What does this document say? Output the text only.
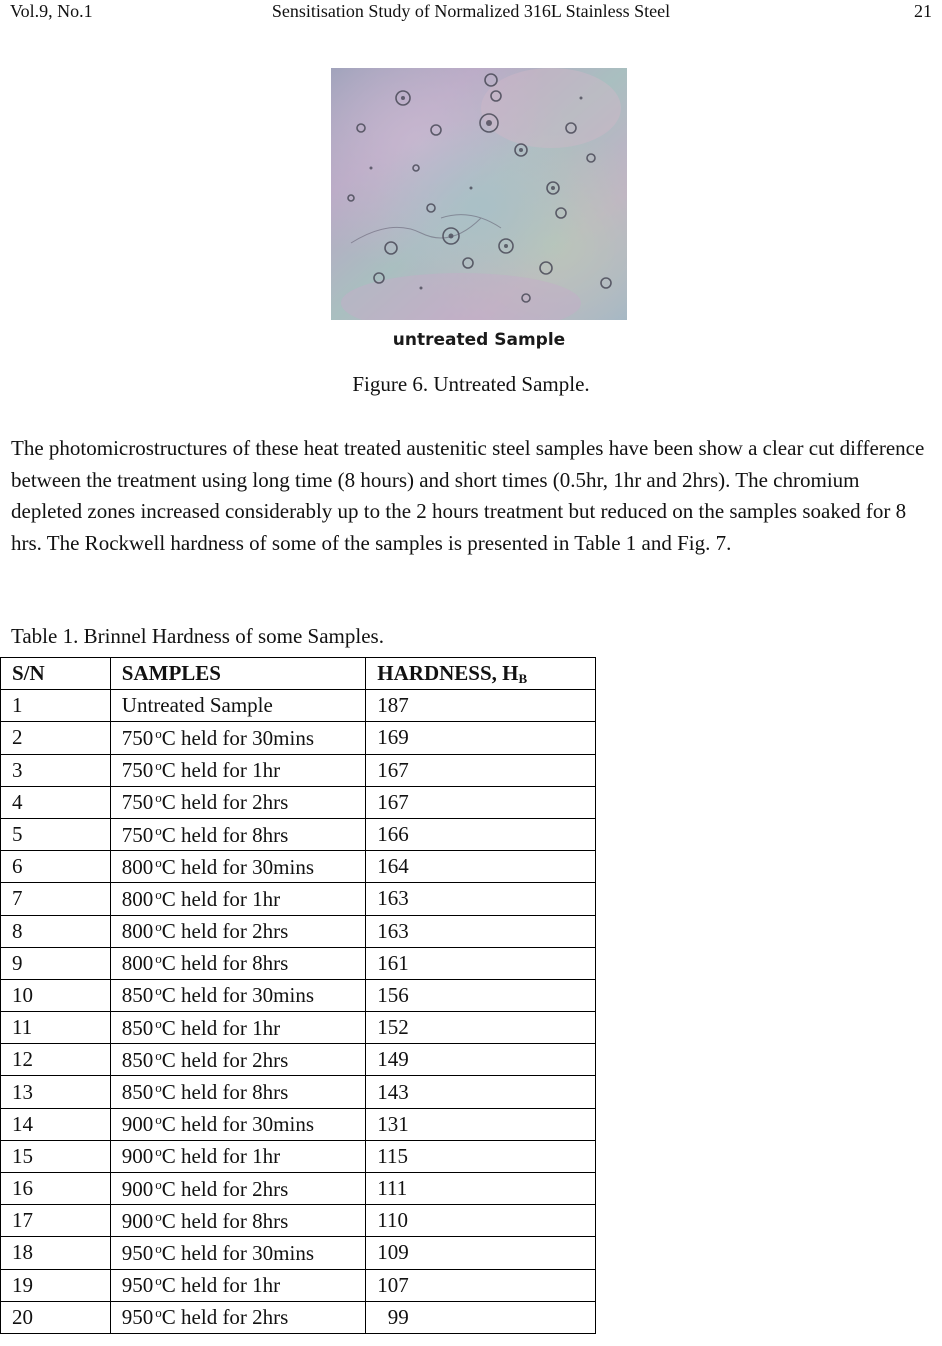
Vol.9, No.1	Sensitisation Study of Normalized 316L Stainless Steel	21
untreated Sample
Figure 6. Untreated Sample.
The photomicrostructures of these heat treated austenitic steel samples have been show a clear cut difference between the treatment using long time (8 hours) and short times (0.5hr, 1hr and 2hrs). The chromium depleted zones increased considerably up to the 2 hours treatment but reduced on the samples soaked for 8 hrs. The Rockwell hardness of some of the samples is presented in Table 1 and Fig. 7.
Table 1. Brinnel Hardness of some Samples.
S/N	SAMPLES	HARDNESS, HB
1	Untreated Sample	187
2	750 $^o$C held for 30mins	169
3	750 $^o$C held for 1hr	167
4	750 $^o$C held for 2hrs	167
5	750 $^o$C held for 8hrs	166
6	800 $^o$C held for 30mins	164
7	800 $^o$C held for 1hr	163
8	800 $^o$C held for 2hrs	163
9	800 $^o$C held for 8hrs	161
10	850 $^o$C held for 30mins	156
11	850 $^o$C held for 1hr	152
12	850 $^o$C held for 2hrs	149
13	850 $^o$C held for 8hrs	143
14	900 $^o$C held for 30mins	131
15	900 $^o$C held for 1hr	115
16	900 $^o$C held for 2hrs	111
17	900 $^o$C held for 8hrs	110
18	950 $^o$C held for 30mins	109
19	950 $^o$C held for 1hr	107
20	950 $^o$C held for 2hrs	99
